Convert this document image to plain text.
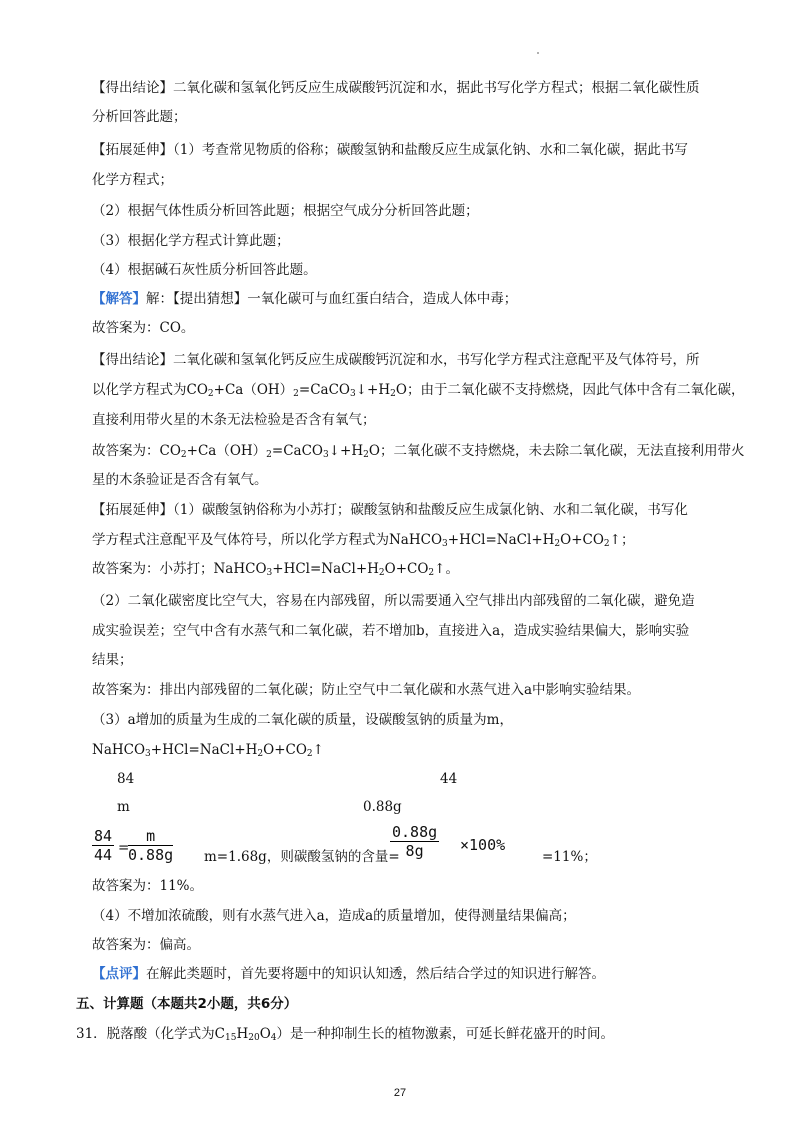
【得出结论】二氧化碳和氢氧化钙反应生成碳酸钙沉淀和水，据此书写化学方程式；根据二氧化碳性质
分析回答此题；
【拓展延伸】（1）考查常见物质的俗称；碳酸氢钠和盐酸反应生成氯化钠、水和二氧化碳，据此书写
化学方程式；
（2）根据气体性质分析回答此题；根据空气成分分析回答此题；
（3）根据化学方程式计算此题；
（4）根据碱石灰性质分析回答此题。
【解答】解：【提出猜想】一氧化碳可与血红蛋白结合，造成人体中毒；
故答案为：CO。
【得出结论】二氧化碳和氢氧化钙反应生成碳酸钙沉淀和水，书写化学方程式注意配平及气体符号，所
以化学方程式为$CO_2+Ca(OH)_2=CaCO_3↓+H_2O$；由于二氧化碳不支持燃烧，因此气体中含有二氧化碳，
直接利用带火星的木条无法检验是否含有氧气；
故答案为：$CO_2+Ca(OH)_2=CaCO_3↓+H_2O$；二氧化碳不支持燃烧，未去除二氧化碳，无法直接利用带火
星的木条验证是否含有氧气。
【拓展延伸】（1）碳酸氢钠俗称为小苏打；碳酸氢钠和盐酸反应生成氯化钠、水和二氧化碳，书写化
学方程式注意配平及气体符号，所以化学方程式为$NaHCO_3+HCl=NaCl+H_2O+CO_2↑$；
故答案为：小苏打；$NaHCO_3+HCl=NaCl+H_2O+CO_2↑$。
（2）二氧化碳密度比空气大，容易在内部残留，所以需要通入空气排出内部残留的二氧化碳，避免造
成实验误差；空气中含有水蒸气和二氧化碳，若不增加b，直接进入a，造成实验结果偏大，影响实验
结果；
故答案为：排出内部残留的二氧化碳；防止空气中二氧化碳和水蒸气进入a中影响实验结果。
（3）a增加的质量为生成的二氧化碳的质量，设碳酸氢钠的质量为m，
$NaHCO_3+HCl=NaCl+H_2O+CO_2↑$
84	44
m	0.88g
$\frac{84}{44}$ =
$\frac{m}{0.88g} m=1.68g$，则碳酸氢钠的含量=
$\frac{0.88g}{8g} \times 100\%$
=11%；
故答案为：11%。
（4）不增加浓硫酸，则有水蒸气进入a，造成a的质量增加，使得测量结果偏高；
故答案为：偏高。
【点评】在解此类题时，首先要将题中的知识认知透，然后结合学过的知识进行解答。
五、计算题（本题共2小题，共6分）
31．脱落酸（化学式为$C_{15}H_{20}O_4$）是一种抑制生长的植物激素，可延长鲜花盛开的时间。
27
